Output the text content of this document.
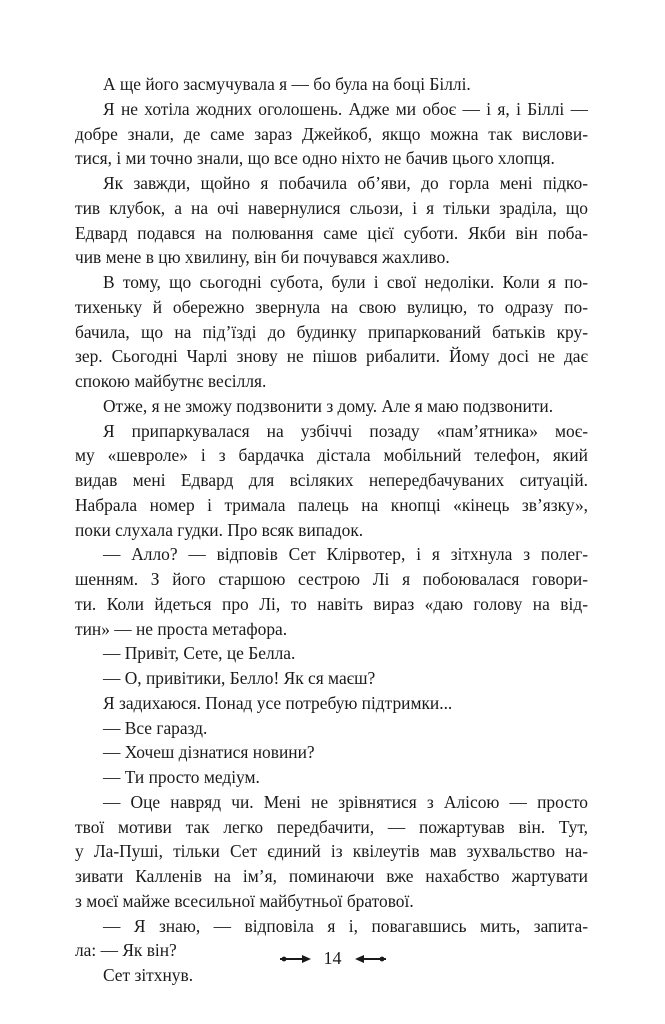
А ще його засмучувала я — бо була на боці Біллі.
Я не хотіла жодних оголошень. Адже ми обоє — і я, і Біллі —
добре знали, де саме зараз Джейкоб, якщо можна так вислови-
тися, і ми точно знали, що все одно ніхто не бачив цього хлопця.
Як завжди, щойно я побачила об’яви, до горла мені підко-
тив клубок, а на очі навернулися сльози, і я тільки зраділа, що
Едвард подався на полювання саме цієї суботи. Якби він поба-
чив мене в цю хвилину, він би почувався жахливо.
В тому, що сьогодні субота, були і свої недоліки. Коли я по-
тихеньку й обережно звернула на свою вулицю, то одразу по-
бачила, що на під’їзді до будинку припаркований батьків кру-
зер. Сьогодні Чарлі знову не пішов рибалити. Йому досі не дає
спокою майбутнє весілля.
Отже, я не зможу подзвонити з дому. Але я маю подзвонити.
Я припаркувалася на узбіччі позаду «пам’ятника» моє-
му «шевроле» і з бардачка дістала мобільний телефон, який
видав мені Едвард для всіляких непередбачуваних ситуацій.
Набрала номер і тримала палець на кнопці «кінець зв’язку»,
поки слухала гудки. Про всяк випадок.
— Алло? — відповів Сет Клірвотер, і я зітхнула з полег-
шенням. З його старшою сестрою Лі я побоювалася говори-
ти. Коли йдеться про Лі, то навіть вираз «даю голову на від-
тин» — не проста метафора.
— Привіт, Сете, це Белла.
— О, привітики, Белло! Як ся маєш?
Я задихаюся. Понад усе потребую підтримки...
— Все гаразд.
— Хочеш дізнатися новини?
— Ти просто медіум.
— Оце навряд чи. Мені не зрівнятися з Алісою — просто
твої мотиви так легко передбачити, — пожартував він. Тут,
у Ла-Пуші, тільки Сет єдиний із квілеутів мав зухвальство на-
зивати Калленів на ім’я, поминаючи вже нахабство жартувати
з моєї майже всесильної майбутньої братової.
— Я знаю, — відповіла я і, повагавшись мить, запита-
ла: — Як він?
Сет зітхнув.
14
